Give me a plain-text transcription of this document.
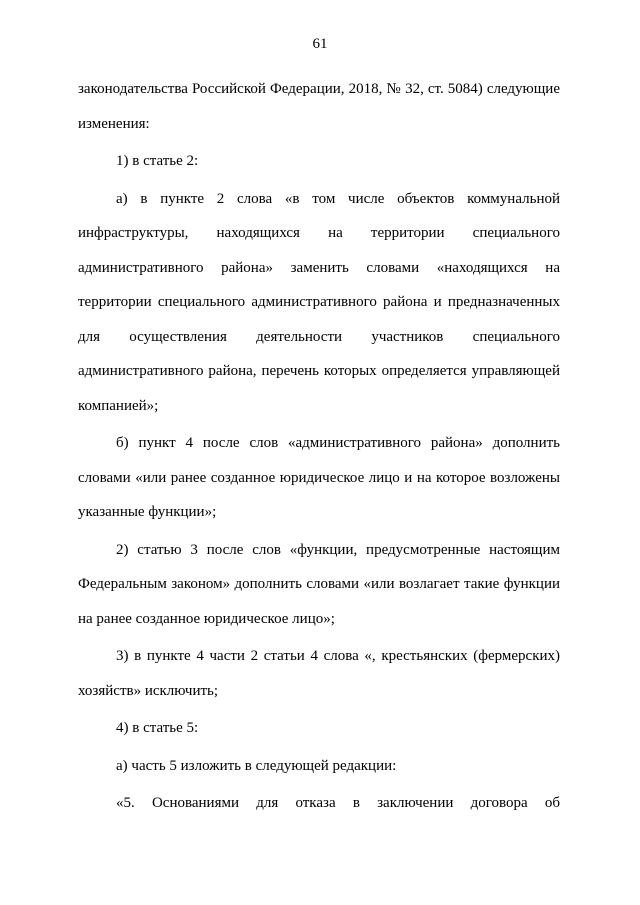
61

законодательства Российской Федерации, 2018, № 32, ст. 5084) следующие изменения:

1) в статье 2:

а) в пункте 2 слова «в том числе объектов коммунальной инфраструктуры, находящихся на территории специального административного района» заменить словами «находящихся на территории специального административного района и предназначенных для осуществления деятельности участников специального административного района, перечень которых определяется управляющей компанией»;

б) пункт 4 после слов «административного района» дополнить словами «или ранее созданное юридическое лицо и на которое возложены указанные функции»;

2) статью 3 после слов «функции, предусмотренные настоящим Федеральным законом» дополнить словами «или возлагает такие функции на ранее созданное юридическое лицо»;

3) в пункте 4 части 2 статьи 4 слова «, крестьянских (фермерских) хозяйств» исключить;

4) в статье 5:

а) часть 5 изложить в следующей редакции:

«5. Основаниями для отказа в заключении договора об
